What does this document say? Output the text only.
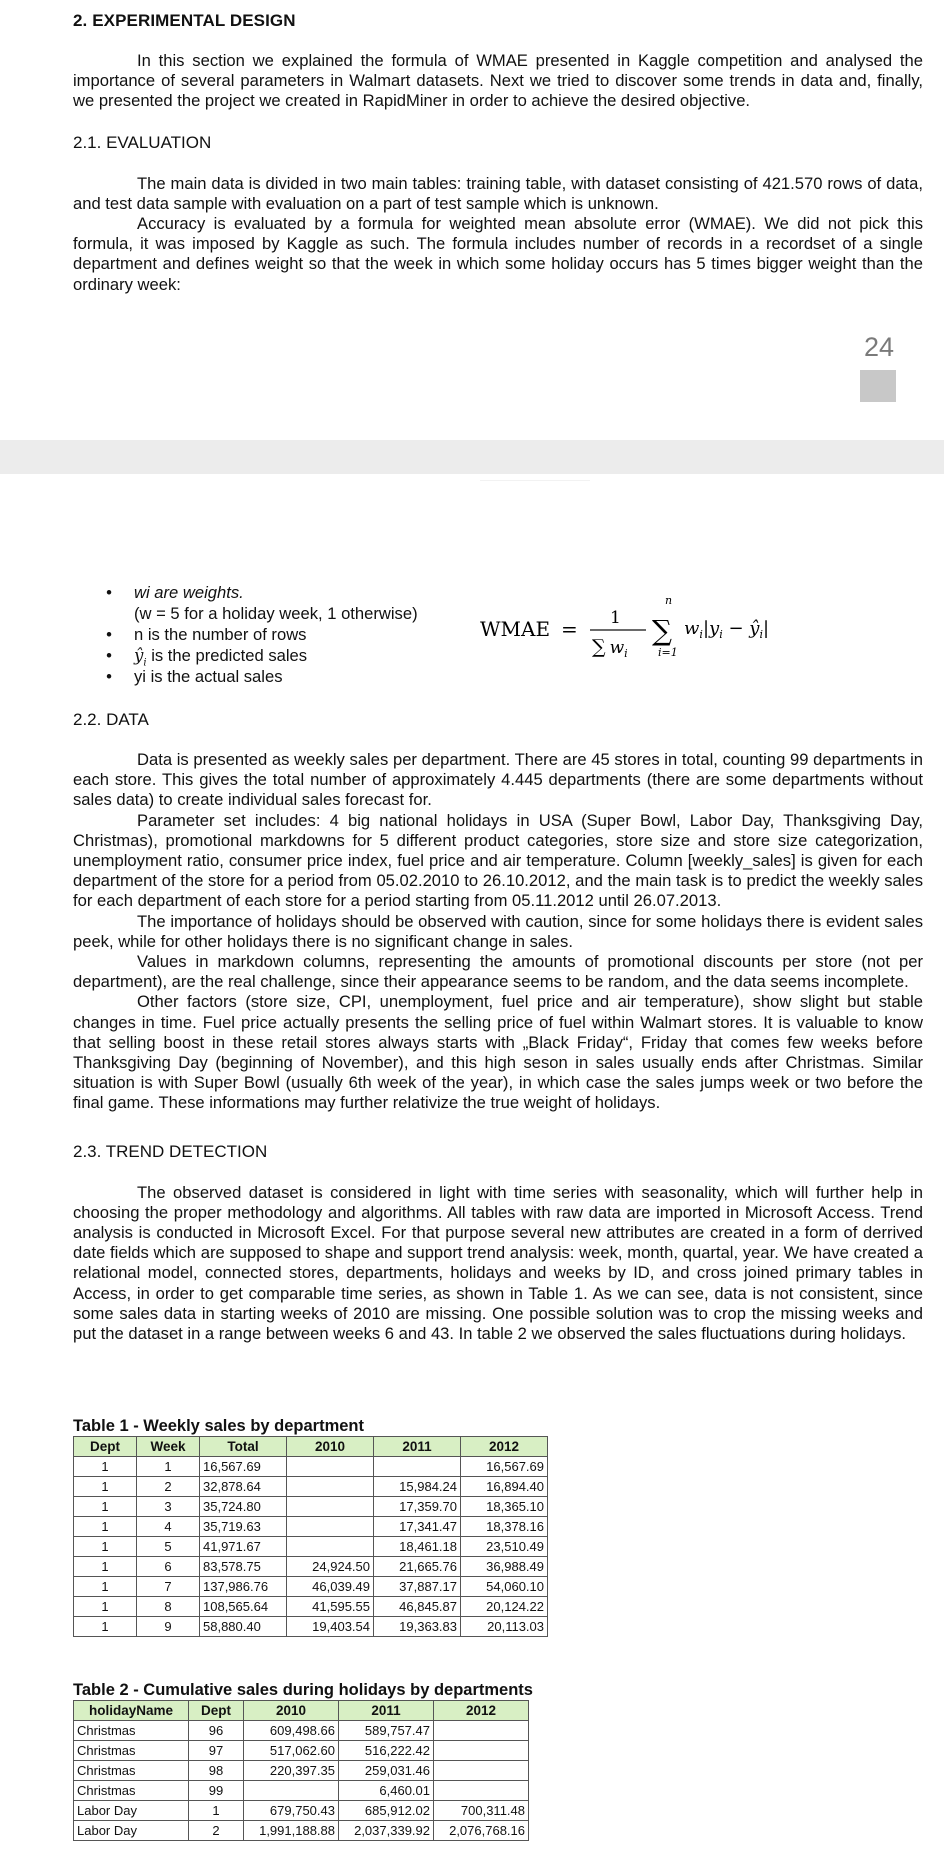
2. EXPERIMENTAL DESIGN

In this section we explained the formula of WMAE presented in Kaggle competition and analysed the importance of several parameters in Walmart datasets. Next we tried to discover some trends in data and, finally, we presented the project we created in RapidMiner in order to achieve the desired objective.

2.1. EVALUATION

The main data is divided in two main tables: training table, with dataset consisting of 421.570 rows of data, and test data sample with evaluation on a part of test sample which is unknown.

Accuracy is evaluated by a formula for weighted mean absolute error (WMAE). We did not pick this formula, it was imposed by Kaggle as such. The formula includes number of records in a recordset of a single department and defines weight so that the week in which some holiday occurs has 5 times bigger weight than the ordinary week:

24
• wi are weights.
(w = 5 for a holiday week, 1 otherwise)
• n is the number of rows
• $ŷ_i$ is the predicted sales
• yi is the actual sales
WMAE = 1
∑ $w_i$
n
∑
i=1
$w_i|y_i$ − $ŷ_i|$
2.2. DATA

Data is presented as weekly sales per department. There are 45 stores in total, counting 99 departments in each store. This gives the total number of approximately 4.445 departments (there are some departments without sales data) to create individual sales forecast for.

Parameter set includes: 4 big national holidays in USA (Super Bowl, Labor Day, Thanksgiving Day, Christmas), promotional markdowns for 5 different product categories, store size and store size categorization, unemployment ratio, consumer price index, fuel price and air temperature. Column [weekly_sales] is given for each department of the store for a period from 05.02.2010 to 26.10.2012, and the main task is to predict the weekly sales for each department of each store for a period starting from 05.11.2012 until 26.07.2013.

The importance of holidays should be observed with caution, since for some holidays there is evident sales peek, while for other holidays there is no significant change in sales.

Values in markdown columns, representing the amounts of promotional discounts per store (not per department), are the real challenge, since their appearance seems to be random, and the data seems incomplete.

Other factors (store size, CPI, unemployment, fuel price and air temperature), show slight but stable changes in time. Fuel price actually presents the selling price of fuel within Walmart stores. It is valuable to know that selling boost in these retail stores always starts with „Black Friday“, Friday that comes few weeks before Thanksgiving Day (beginning of November), and this high seson in sales usually ends after Christmas. Similar situation is with Super Bowl (usually 6th week of the year), in which case the sales jumps week or two before the final game. These informations may further relativize the true weight of holidays.

2.3. TREND DETECTION

The observed dataset is considered in light with time series with seasonality, which will further help in choosing the proper methodology and algorithms. All tables with raw data are imported in Microsoft Access. Trend analysis is conducted in Microsoft Excel. For that purpose several new attributes are created in a form of derrived date fields which are supposed to shape and support trend analysis: week, month, quartal, year. We have created a relational model, connected stores, departments, holidays and weeks by ID, and cross joined primary tables in Access, in order to get comparable time series, as shown in Table 1. As we can see, data is not consistent, since some sales data in starting weeks of 2010 are missing. One possible solution was to crop the missing weeks and put the dataset in a range between weeks 6 and 43. In table 2 we observed the sales fluctuations during holidays.

Table 1 - Weekly sales by department
Dept	Week	Total	2010	2011	2012
1	1	16,567.69			16,567.69
1	2	32,878.64		15,984.24	16,894.40
1	3	35,724.80		17,359.70	18,365.10
1	4	35,719.63		17,341.47	18,378.16
1	5	41,971.67		18,461.18	23,510.49
1	6	83,578.75	24,924.50	21,665.76	36,988.49
1	7	137,986.76	46,039.49	37,887.17	54,060.10
1	8	108,565.64	41,595.55	46,845.87	20,124.22
1	9	58,880.40	19,403.54	19,363.83	20,113.03
Table 2 - Cumulative sales during holidays by departments
holidayName	Dept	2010	2011	2012
Christmas	96	609,498.66	589,757.47	
Christmas	97	517,062.60	516,222.42	
Christmas	98	220,397.35	259,031.46	
Christmas	99		6,460.01	
Labor Day	1	679,750.43	685,912.02	700,311.48
Labor Day	2	1,991,188.88	2,037,339.92	2,076,768.16
